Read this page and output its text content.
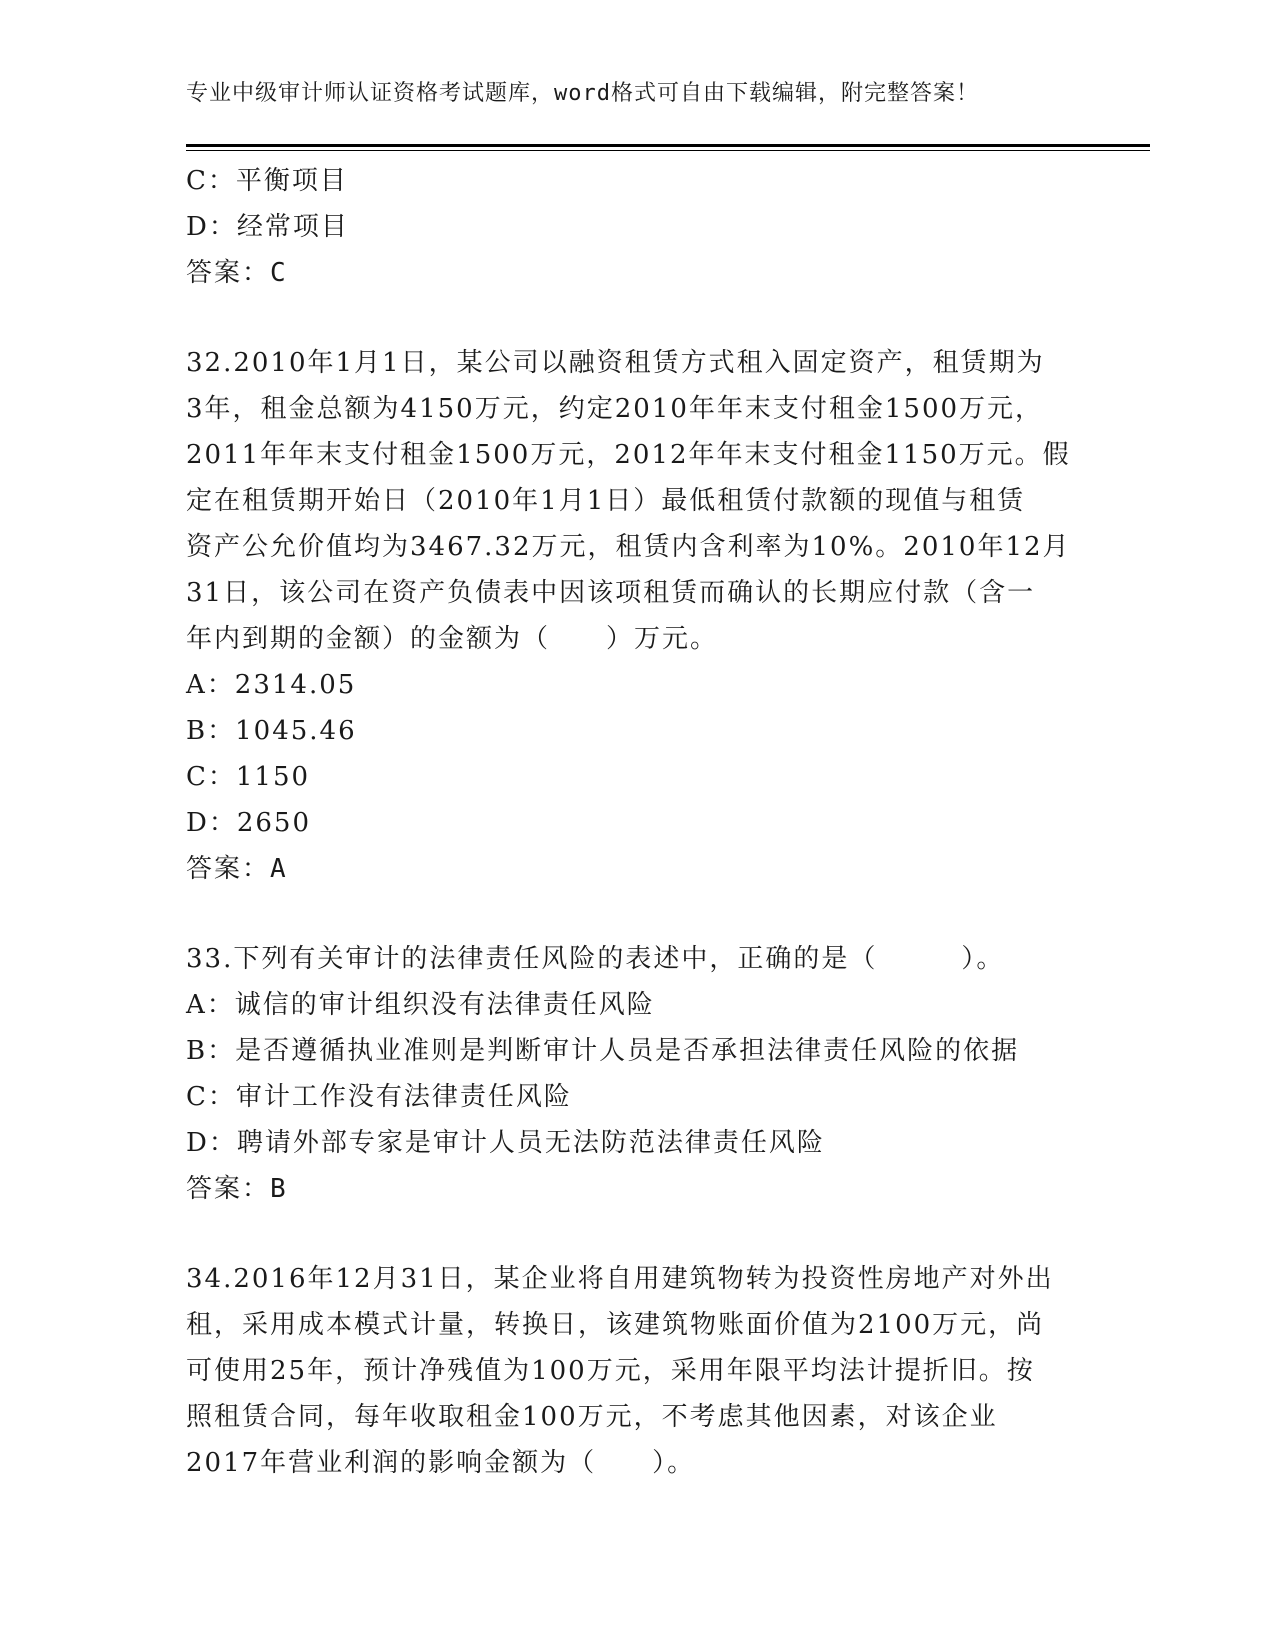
专业中级审计师认证资格考试题库，word格式可自由下载编辑，附完整答案！
C：平衡项目
D：经常项目
答案：C
32.2010年1月1日，某公司以融资租赁方式租入固定资产，租赁期为
3年，租金总额为4150万元，约定2010年年末支付租金1500万元，
2011年年末支付租金1500万元，2012年年末支付租金1150万元。假
定在租赁期开始日（2010年1月1日）最低租赁付款额的现值与租赁
资产公允价值均为3467.32万元，租赁内含利率为10%。2010年12月
31日，该公司在资产负债表中因该项租赁而确认的长期应付款（含一
年内到期的金额）的金额为（　　）万元。
A：2314.05
B：1045.46
C：1150
D：2650
答案：A
33.下列有关审计的法律责任风险的表述中，正确的是（　　　）。
A：诚信的审计组织没有法律责任风险
B：是否遵循执业准则是判断审计人员是否承担法律责任风险的依据
C：审计工作没有法律责任风险
D：聘请外部专家是审计人员无法防范法律责任风险
答案：B
34.2016年12月31日，某企业将自用建筑物转为投资性房地产对外出
租，采用成本模式计量，转换日，该建筑物账面价值为2100万元，尚
可使用25年，预计净残值为100万元，采用年限平均法计提折旧。按
照租赁合同，每年收取租金100万元，不考虑其他因素，对该企业
2017年营业利润的影响金额为（　　）。
